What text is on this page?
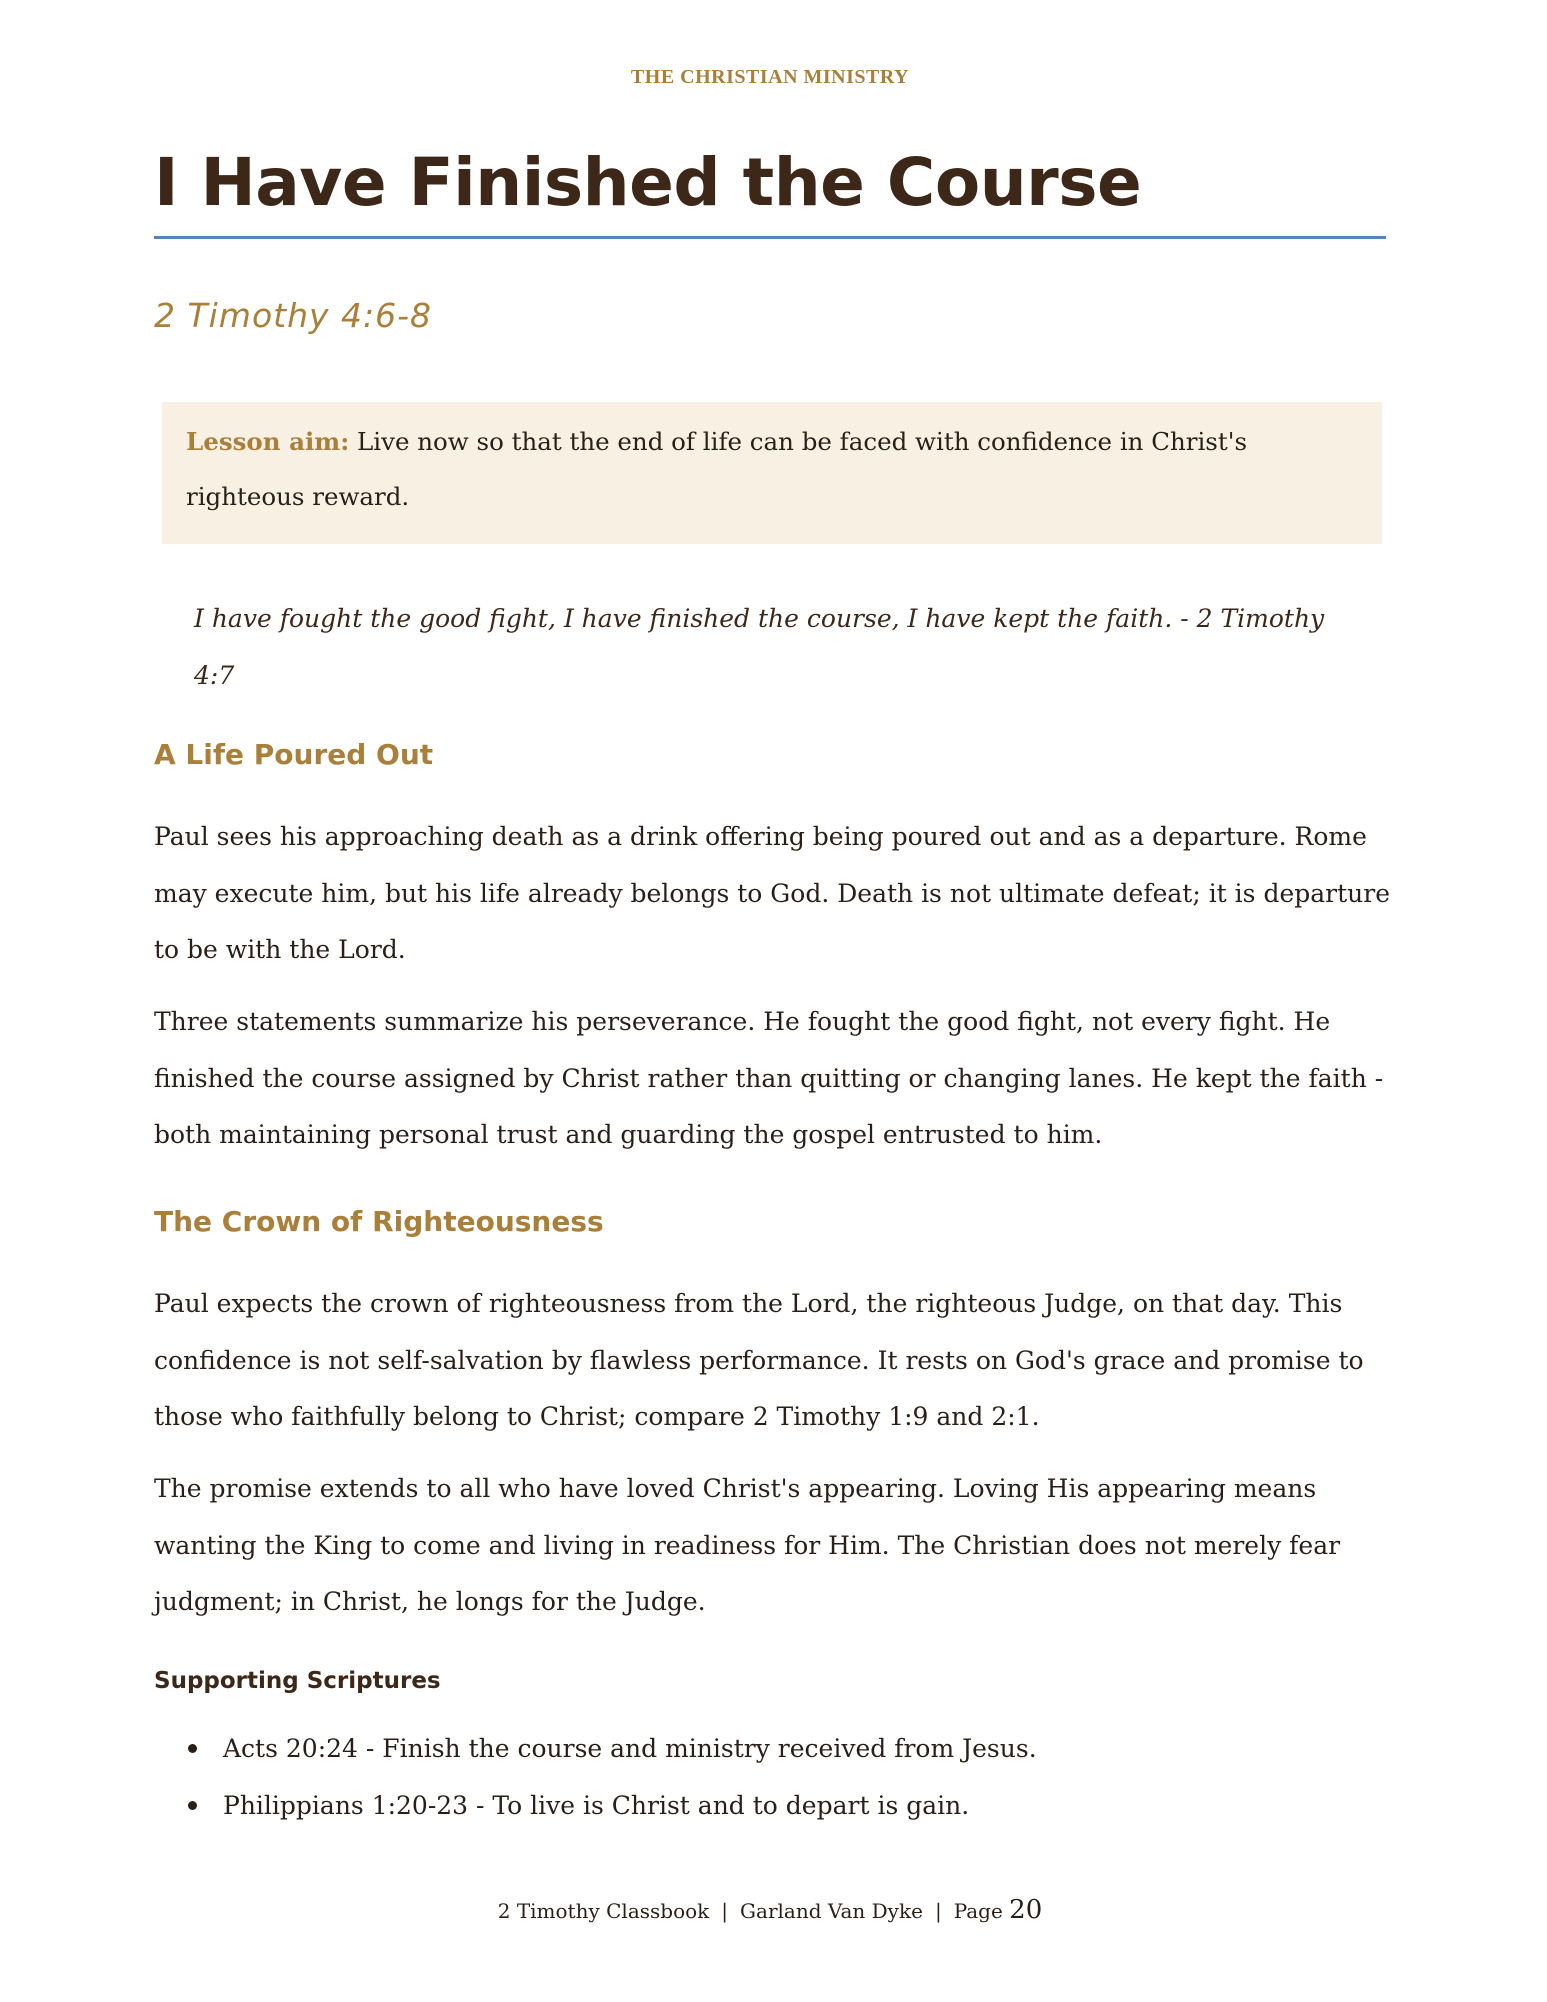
THE CHRISTIAN MINISTRY
I Have Finished the Course
2 Timothy 4:6-8
Lesson aim: Live now so that the end of life can be faced with confidence in Christ's righteous reward.
I have fought the good fight, I have finished the course, I have kept the faith. - 2 Timothy 4:7
A Life Poured Out

Paul sees his approaching death as a drink offering being poured out and as a departure. Rome may execute him, but his life already belongs to God. Death is not ultimate defeat; it is departure to be with the Lord.

Three statements summarize his perseverance. He fought the good fight, not every fight. He finished the course assigned by Christ rather than quitting or changing lanes. He kept the faith - both maintaining personal trust and guarding the gospel entrusted to him.

The Crown of Righteousness

Paul expects the crown of righteousness from the Lord, the righteous Judge, on that day. This confidence is not self-salvation by flawless performance. It rests on God's grace and promise to those who faithfully belong to Christ; compare 2 Timothy 1:9 and 2:1.

The promise extends to all who have loved Christ's appearing. Loving His appearing means wanting the King to come and living in readiness for Him. The Christian does not merely fear judgment; in Christ, he longs for the Judge.

Supporting Scriptures
Acts 20:24 - Finish the course and ministry received from Jesus.
Philippians 1:20-23 - To live is Christ and to depart is gain.
2 Timothy Classbook | Garland Van Dyke | Page 20
